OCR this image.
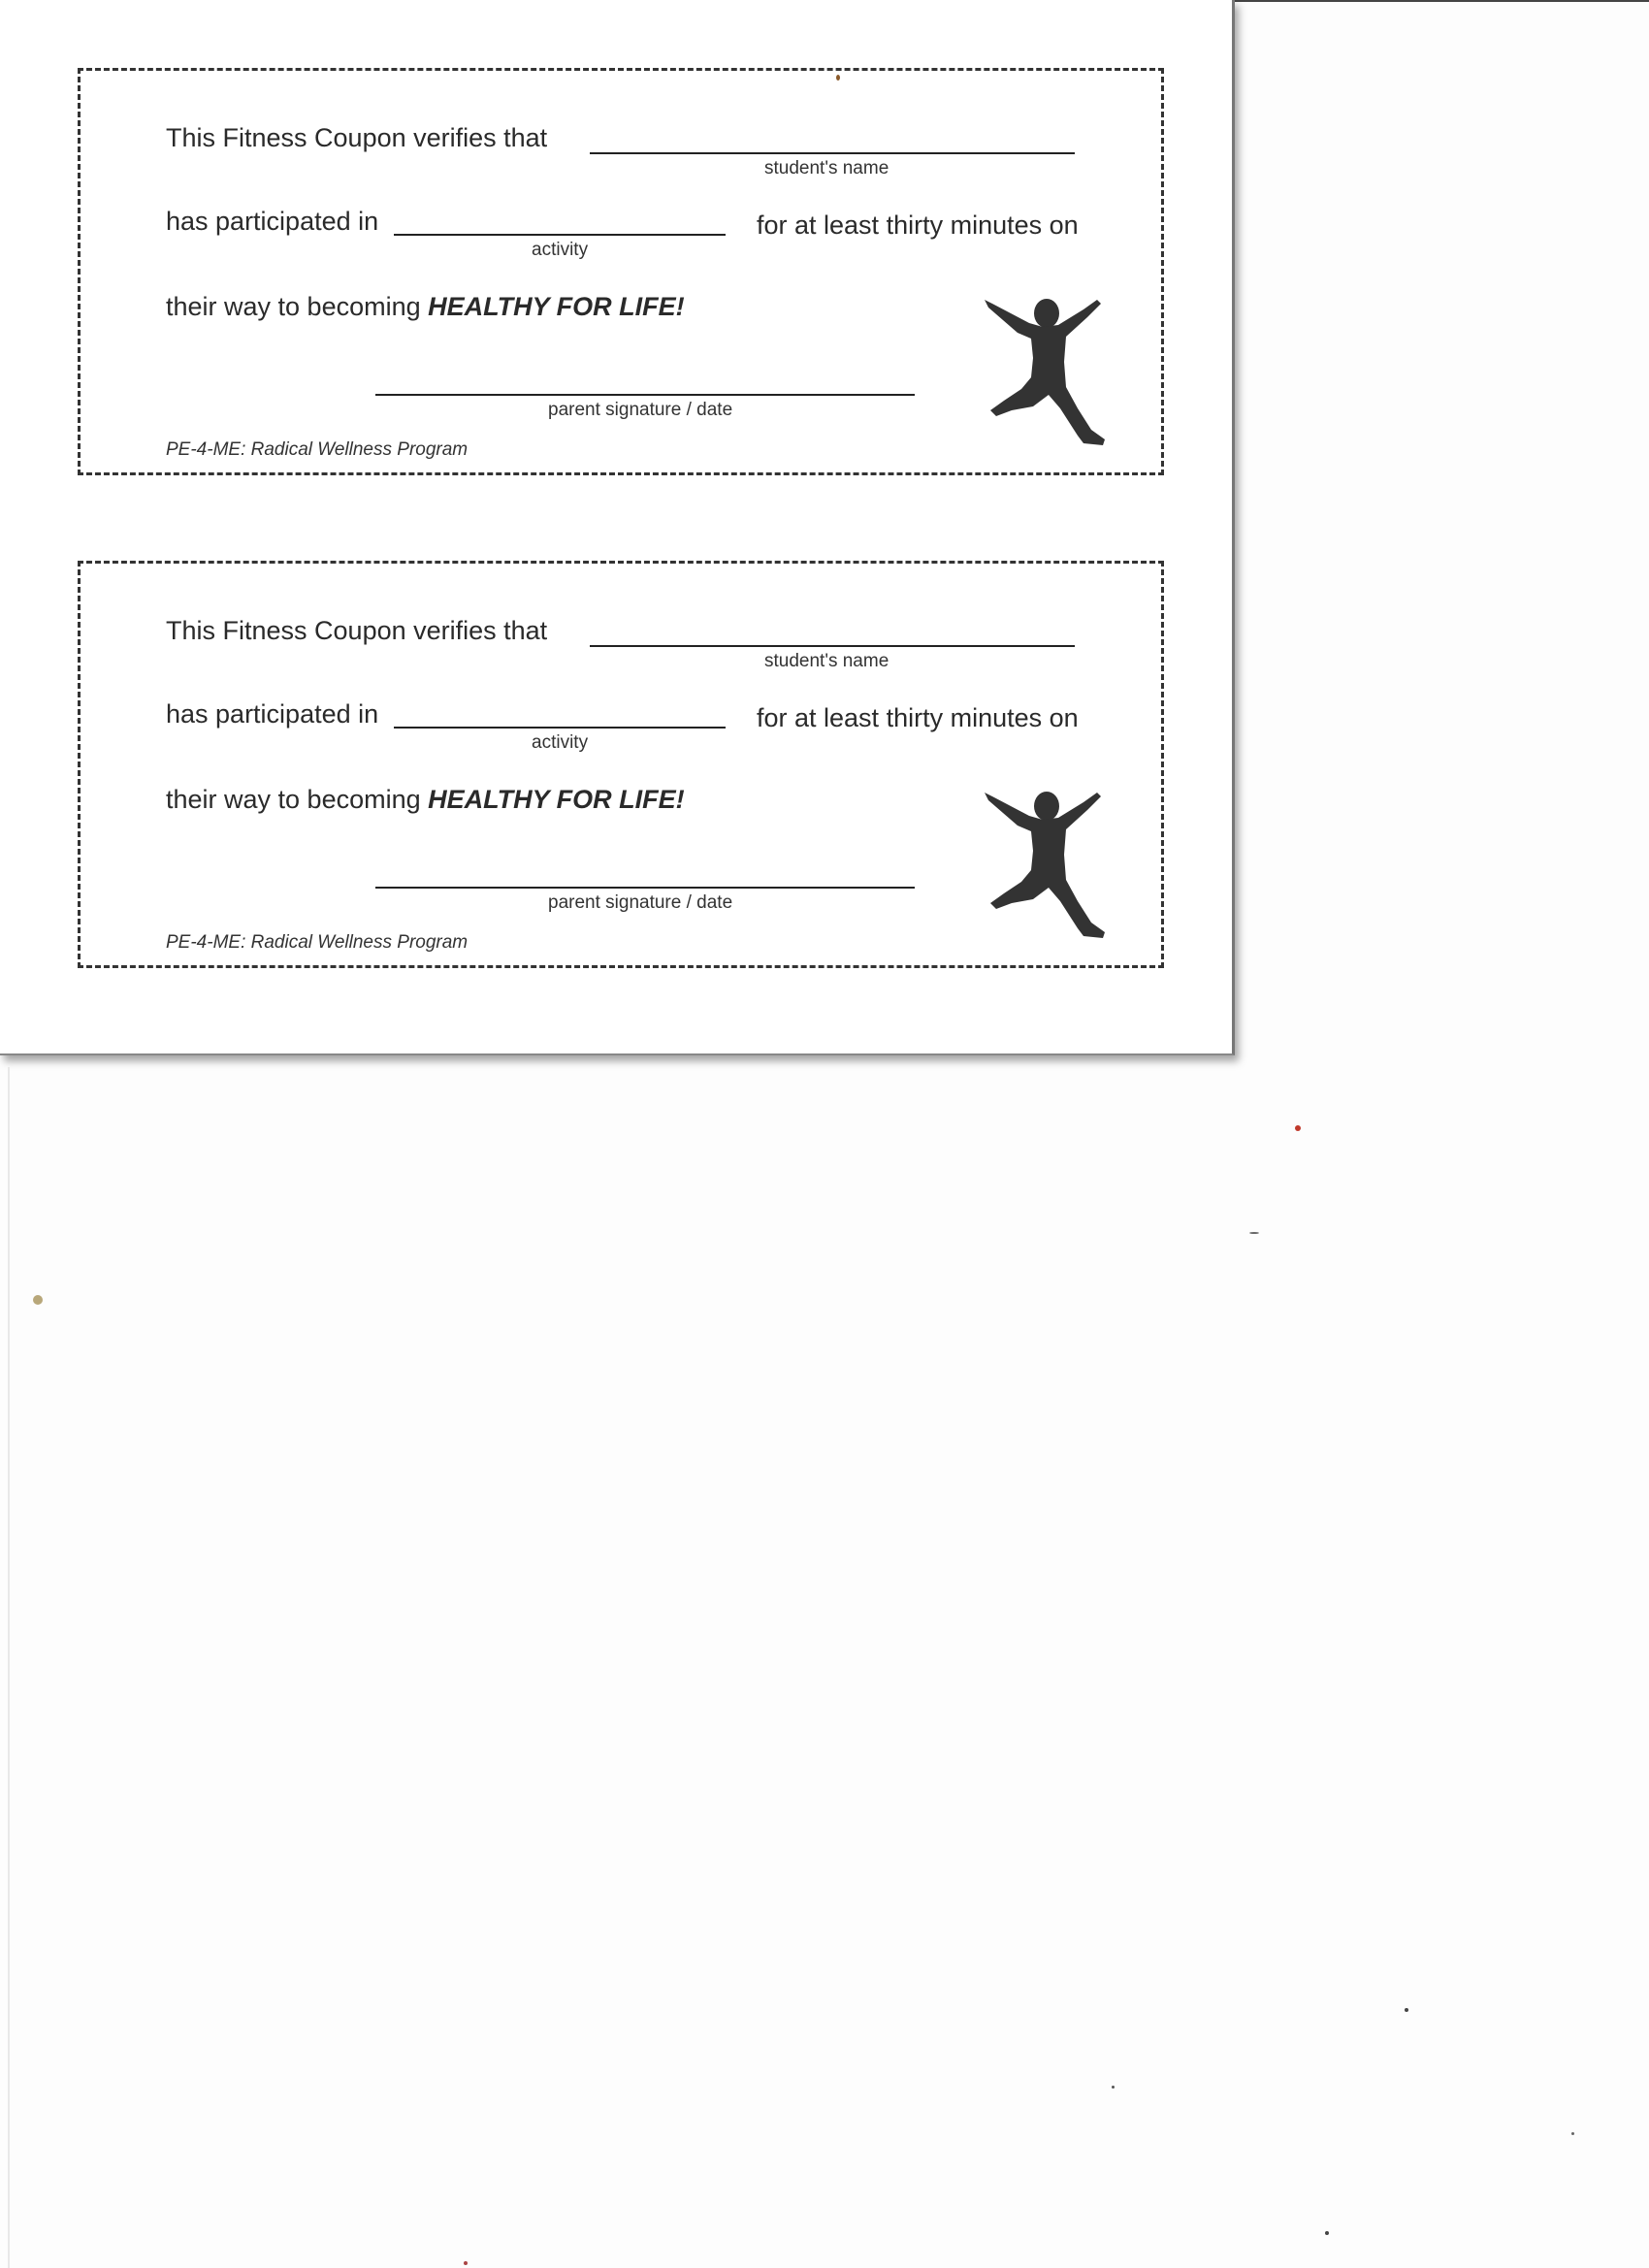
This Fitness Coupon verifies that
student's name
has participated in
activity
for at least thirty minutes on
their way to becoming HEALTHY FOR LIFE!
parent signature / date
PE-4-ME: Radical Wellness Program
This Fitness Coupon verifies that
student's name
has participated in
activity
for at least thirty minutes on
their way to becoming HEALTHY FOR LIFE!
parent signature / date
PE-4-ME: Radical Wellness Program
